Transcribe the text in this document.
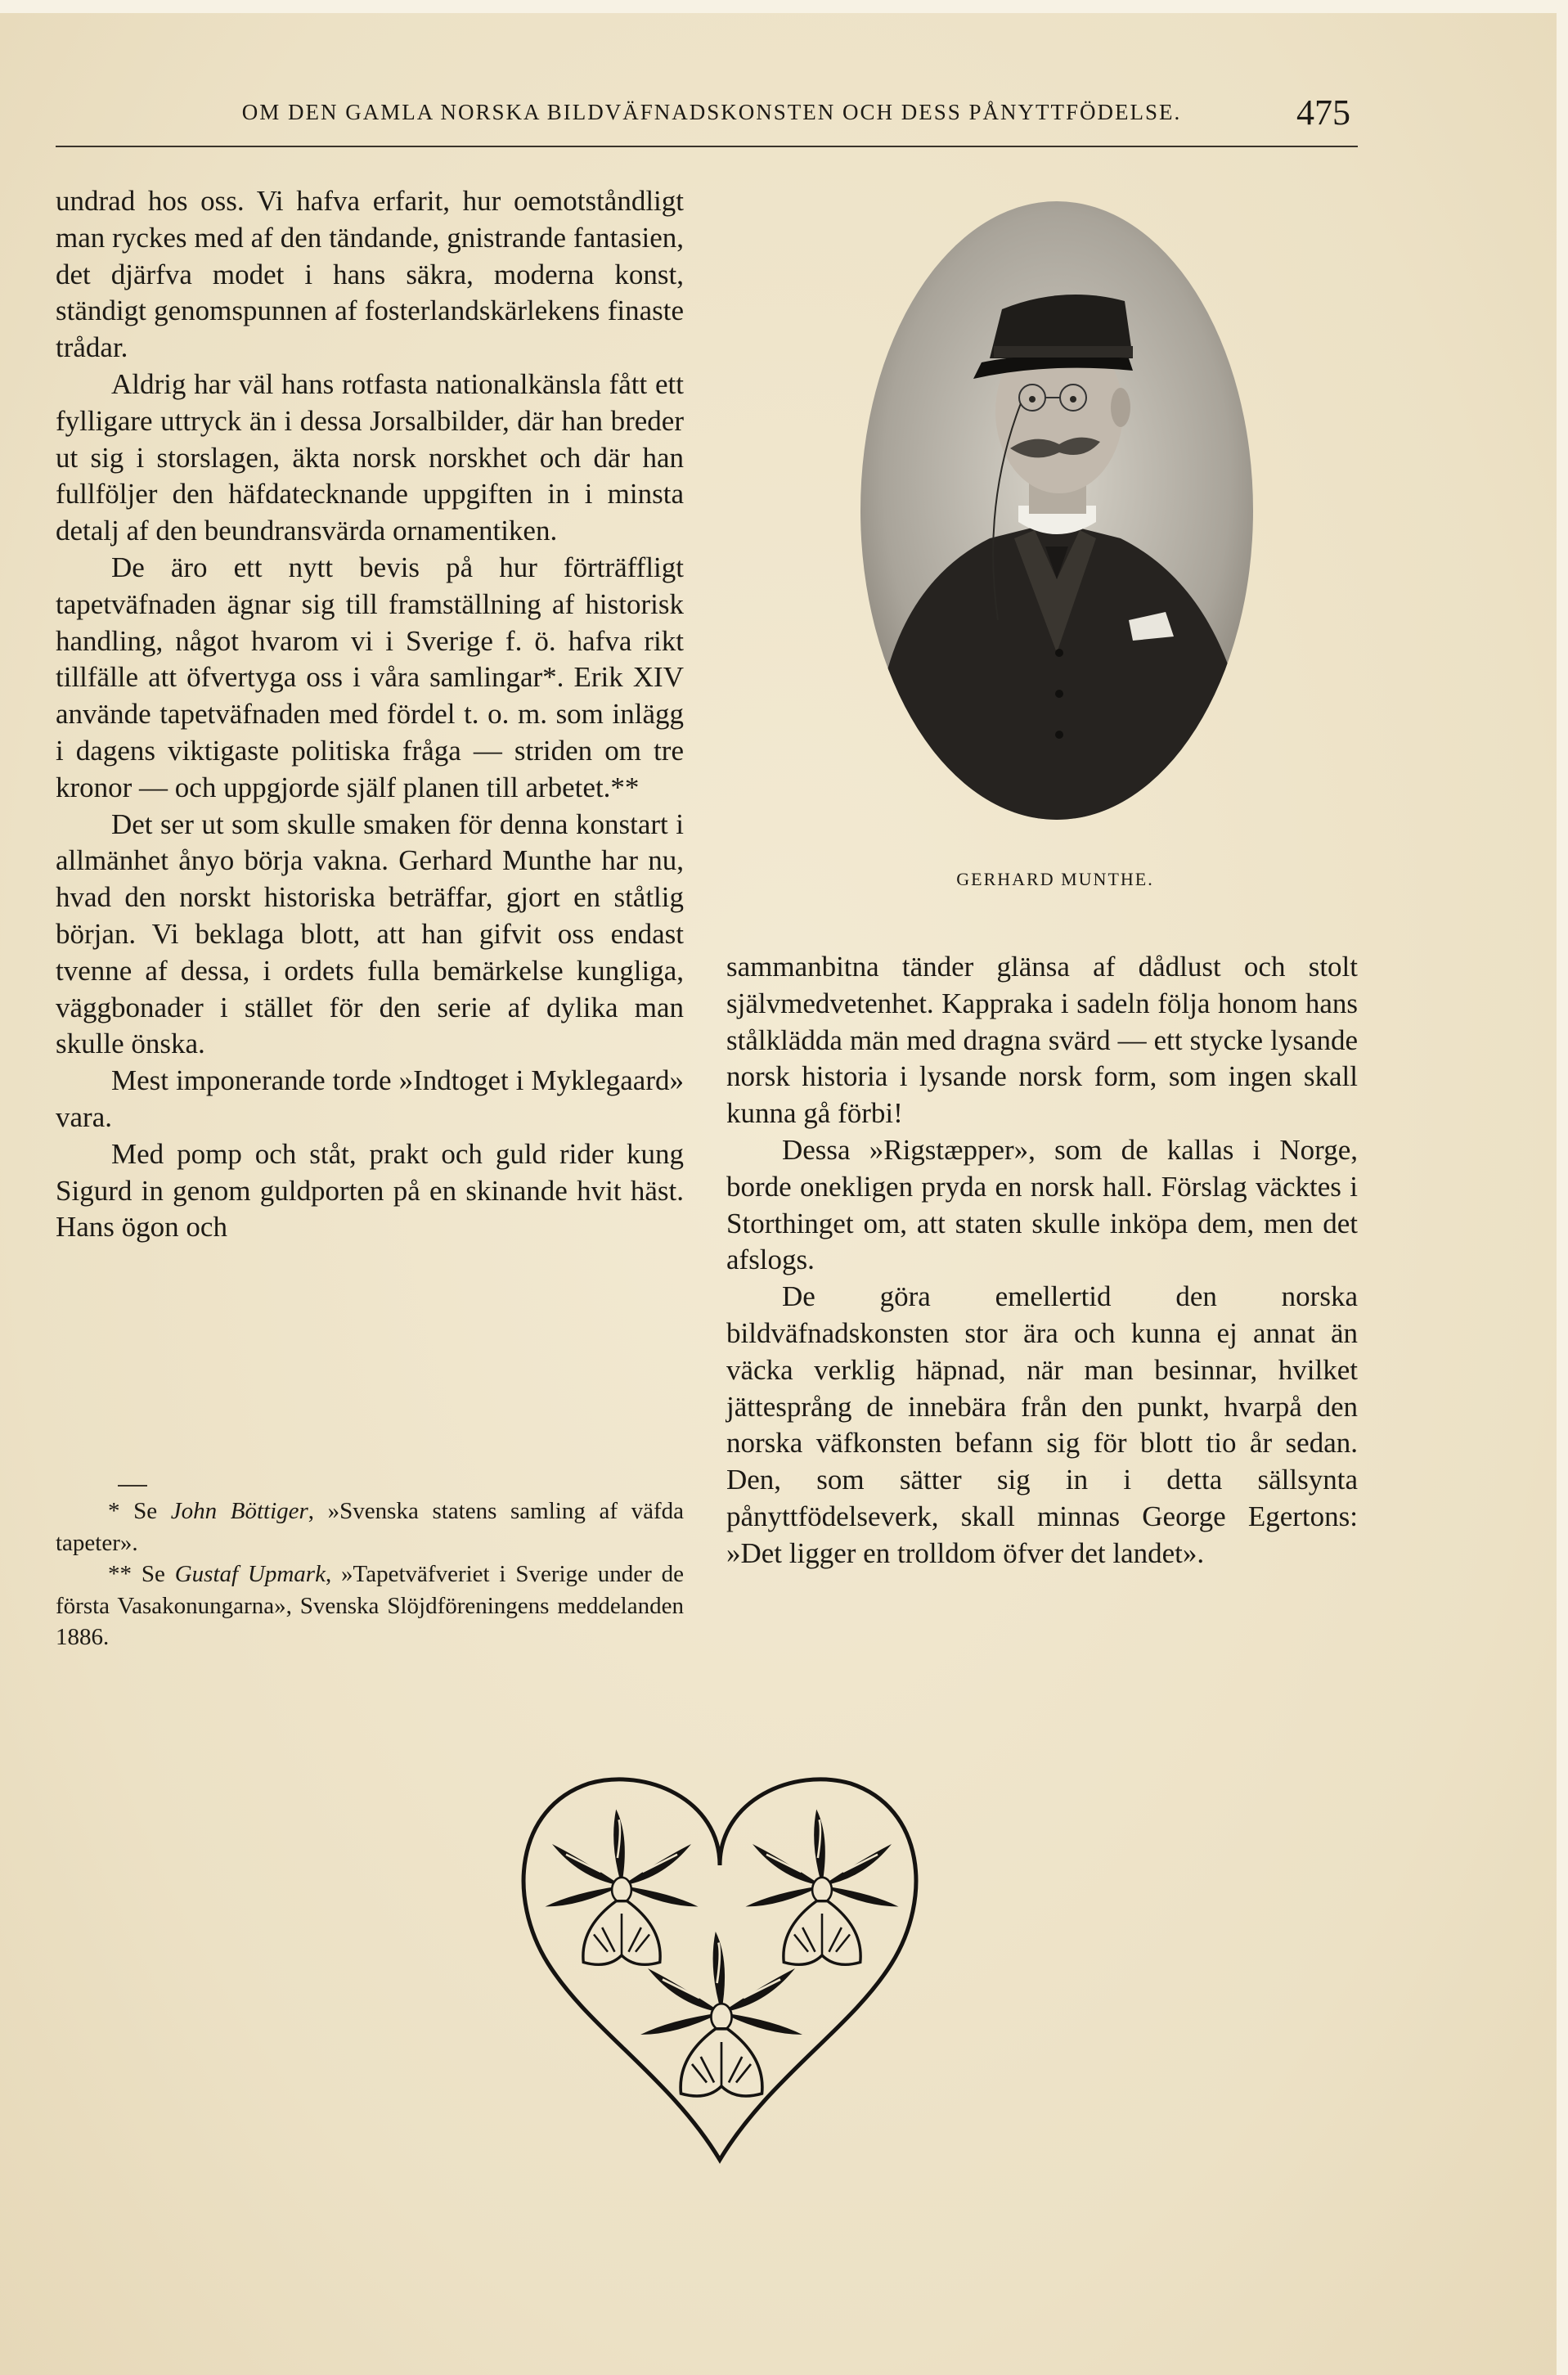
OM DEN GAMLA NORSKA BILDVÄFNADSKONSTEN OCH DESS PÅNYTTFÖDELSE.	475

undrad hos oss. Vi hafva erfarit, hur oemotståndligt man ryckes med af den tändande, gnistrande fantasien, det djärfva modet i hans säkra, moderna konst, ständigt genomspunnen af fosterlandskärlekens finaste trådar.

Aldrig har väl hans rotfasta nationalkänsla fått ett fylligare uttryck än i dessa Jorsalbilder, där han breder ut sig i storslagen, äkta norsk norskhet och där han fullföljer den häfdatecknande uppgiften in i minsta detalj af den beundransvärda ornamentiken.

De äro ett nytt bevis på hur förträffligt tapetväfnaden ägnar sig till framställning af historisk handling, något hvarom vi i Sverige f. ö. hafva rikt tillfälle att öfvertyga oss i våra samlingar*. Erik XIV använde tapetväfnaden med fördel t. o. m. som inlägg i dagens viktigaste politiska fråga — striden om tre kronor — och uppgjorde själf planen till arbetet.**

Det ser ut som skulle smaken för denna konstart i allmänhet ånyo börja vakna. Gerhard Munthe har nu, hvad den norskt historiska beträffar, gjort en ståtlig början. Vi beklaga blott, att han gifvit oss endast tvenne af dessa, i ordets fulla bemärkelse kungliga, väggbonader i stället för den serie af dylika man skulle önska.

Mest imponerande torde »Indtoget i Myklegaard» vara.

Med pomp och ståt, prakt och guld rider kung Sigurd in genom guldporten på en skinande hvit häst. Hans ögon och

* Se John Böttiger, »Svenska statens samling af väfda tapeter».

** Se Gustaf Upmark, »Tapetväfveriet i Sverige under de första Vasakonungarna», Svenska Slöjdföreningens meddelanden 1886.

GERHARD MUNTHE.

sammanbitna tänder glänsa af dådlust och stolt självmedvetenhet. Kappraka i sadeln följa honom hans stålklädda män med dragna svärd — ett stycke lysande norsk historia i lysande norsk form, som ingen skall kunna gå förbi!

Dessa »Rigstæpper», som de kallas i Norge, borde onekligen pryda en norsk hall. Förslag väcktes i Storthinget om, att staten skulle inköpa dem, men det afslogs.

De göra emellertid den norska bildväfnadskonsten stor ära och kunna ej annat än väcka verklig häpnad, när man besinnar, hvilket jättesprång de innebära från den punkt, hvarpå den norska väfkonsten befann sig för blott tio år sedan. Den, som sätter sig in i detta sällsynta pånyttfödelseverk, skall minnas George Egertons: »Det ligger en trolldom öfver det landet».
